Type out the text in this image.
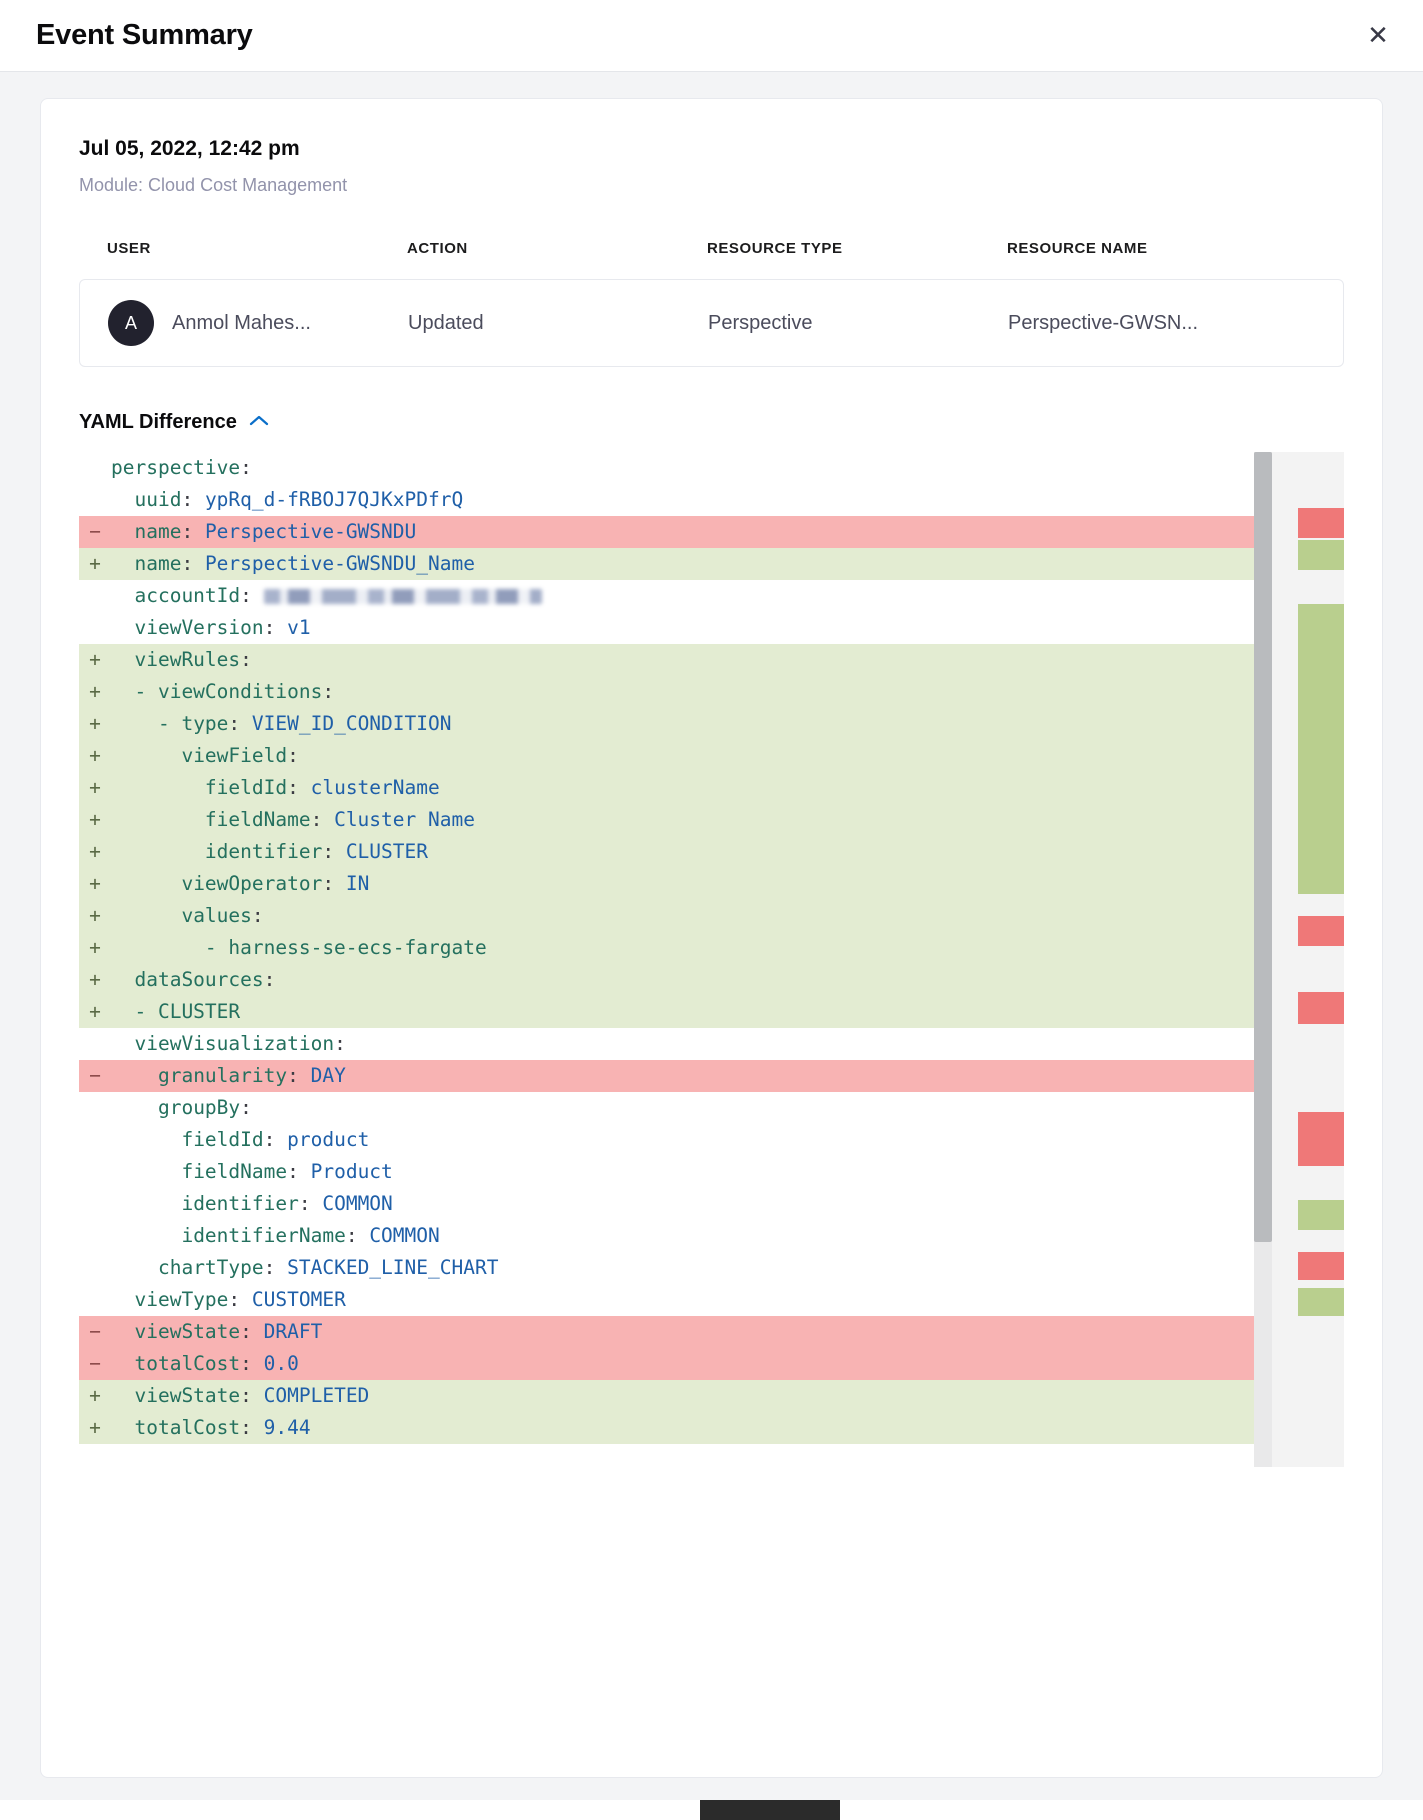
Event Summary	✕
Jul 05, 2022, 12:42 pm
Module: Cloud Cost Management
USER	ACTION	RESOURCE TYPE	RESOURCE NAME
A	Anmol Mahes...	Updated	Perspective	Perspective-GWSN...
YAML Difference
perspective:
uuid: ypRq_d-fRBOJ7QJKxPDfrQ
−	name: Perspective-GWSNDU
+	name: Perspective-GWSNDU_Name
accountId:
viewVersion: v1
+	viewRules:
+	- viewConditions:
+	- type: VIEW_ID_CONDITION
+	viewField:
+	fieldId: clusterName
+	fieldName: Cluster Name
+	identifier: CLUSTER
+	viewOperator: IN
+	values:
+	- harness-se-ecs-fargate
+	dataSources:
+	- CLUSTER
viewVisualization:
−	granularity: DAY
groupBy:
fieldId: product
fieldName: Product
identifier: COMMON
identifierName: COMMON
chartType: STACKED_LINE_CHART
viewType: CUSTOMER
−	viewState: DRAFT
−	totalCost: 0.0
+	viewState: COMPLETED
+	totalCost: 9.44
